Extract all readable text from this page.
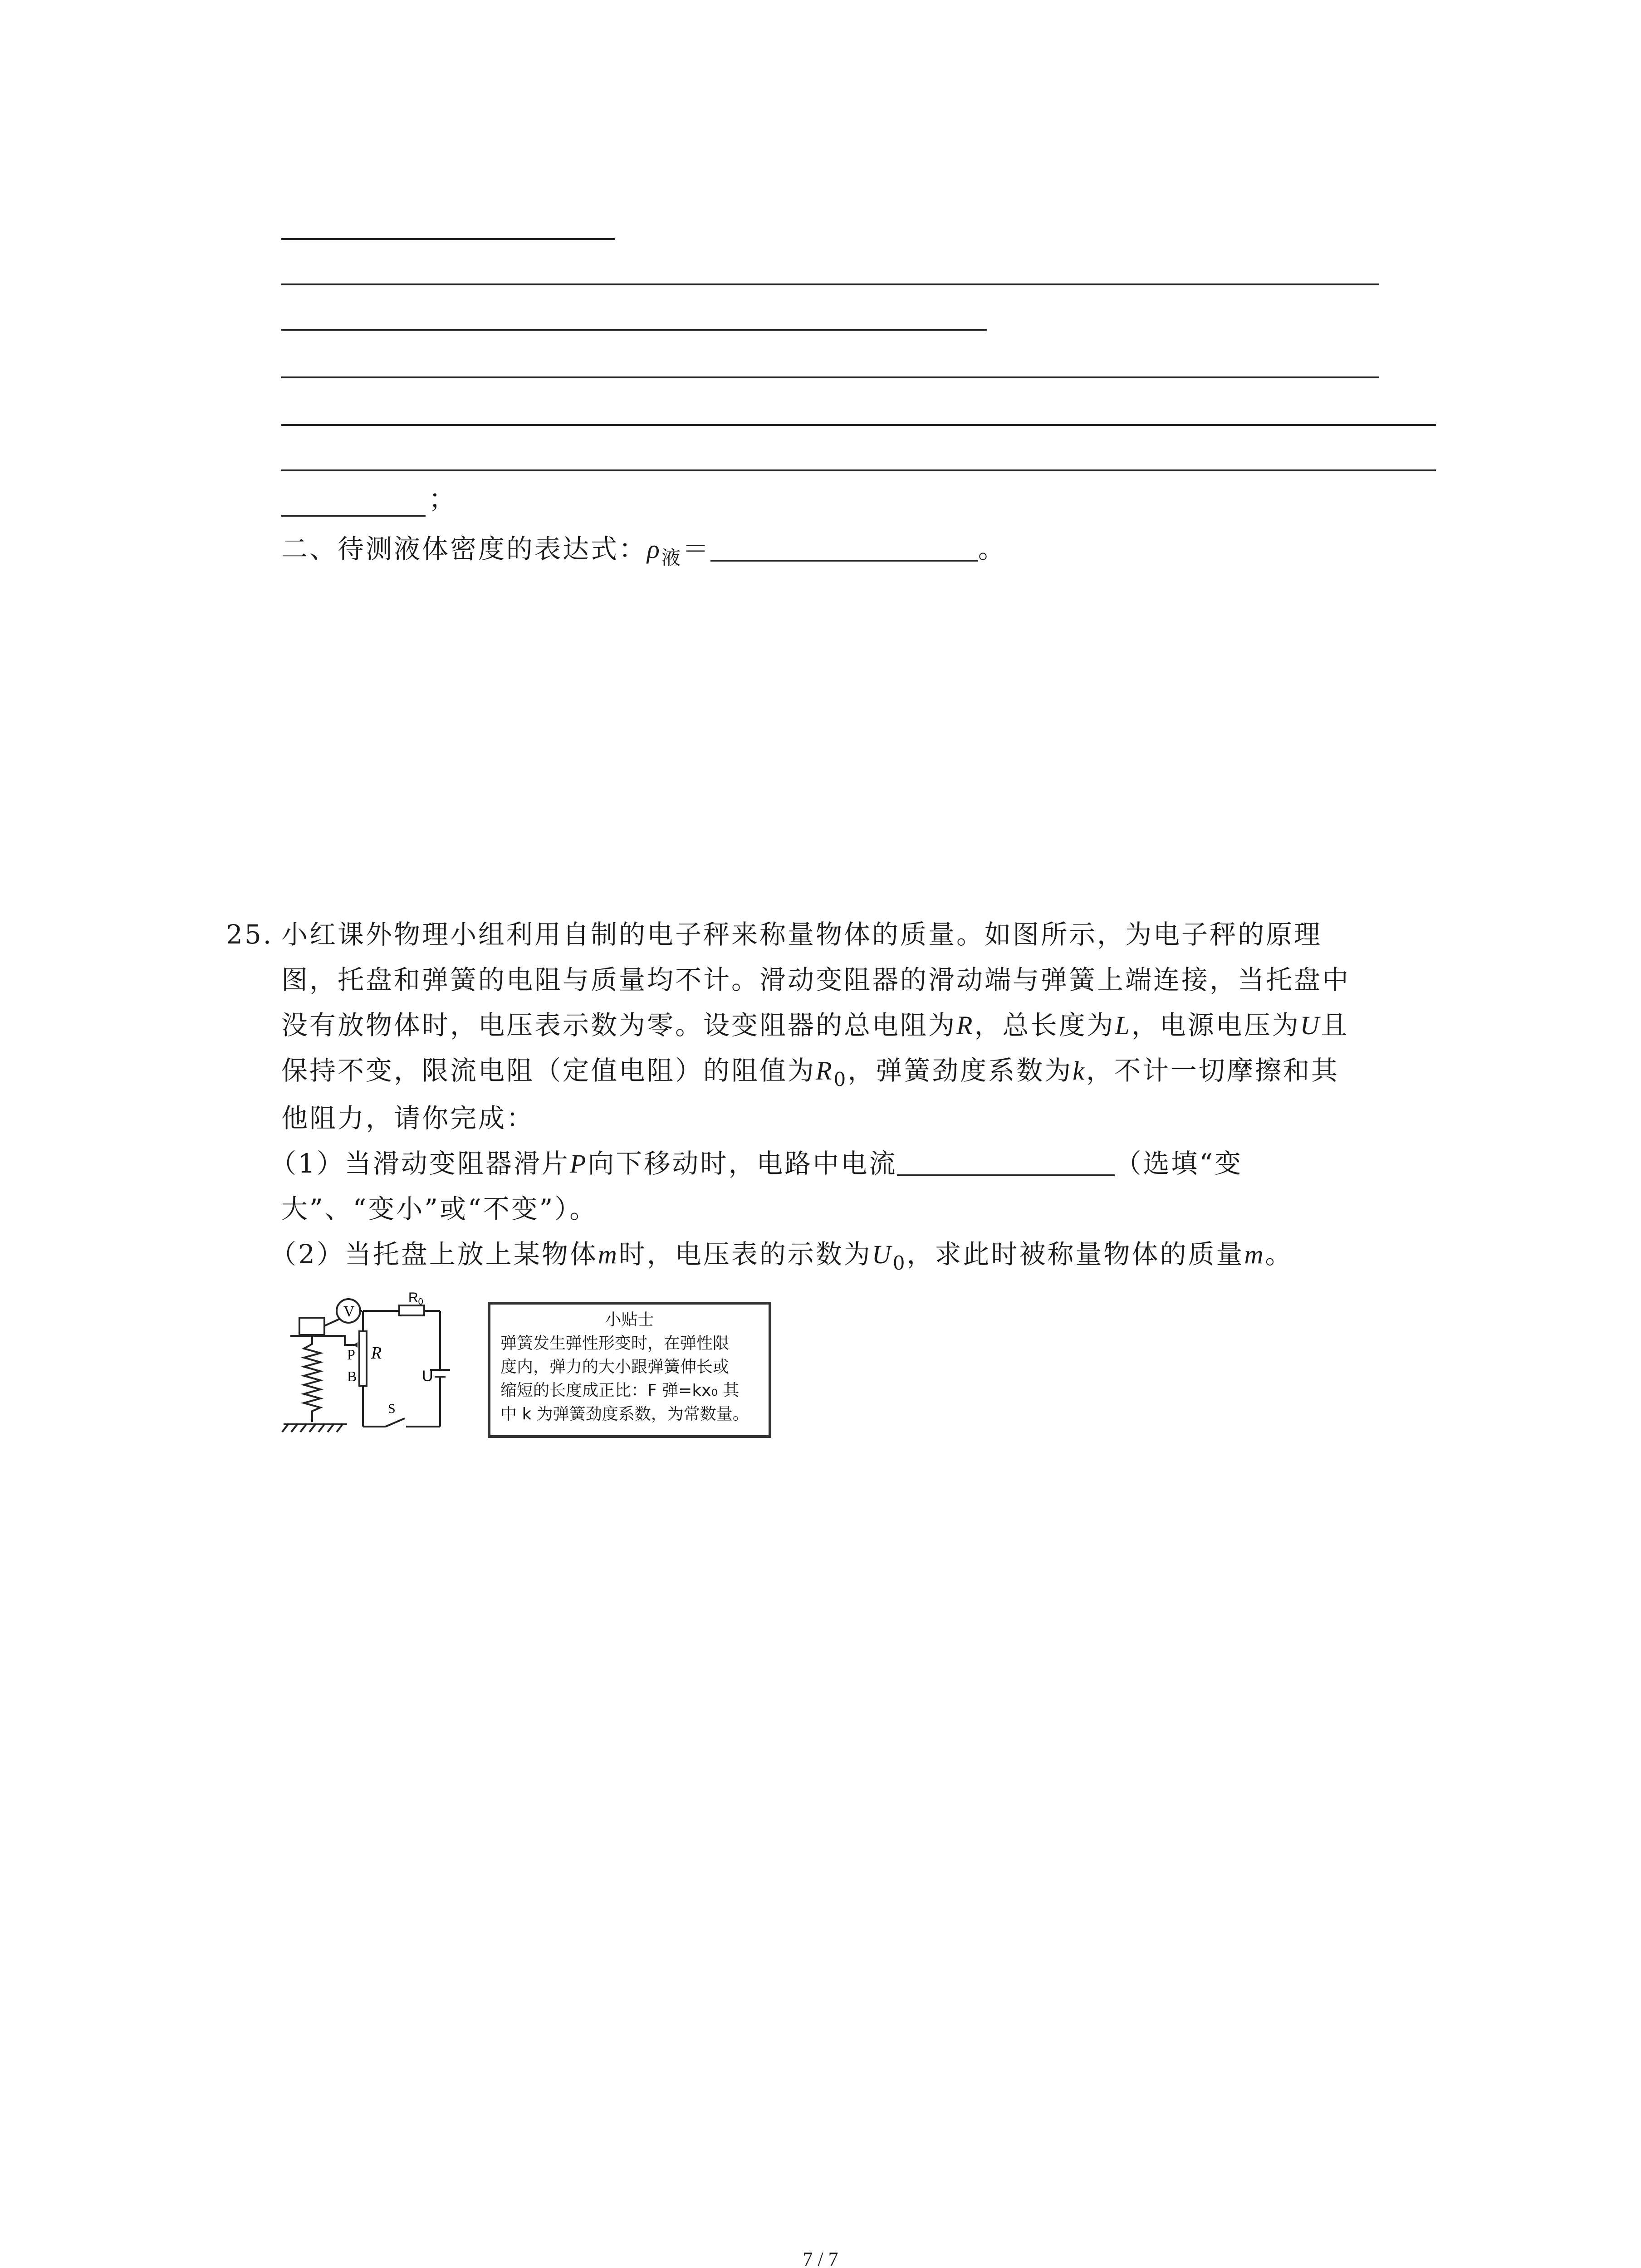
；
二、待测液体密度的表达式：$\rho_液=$	。
25. 小红课外物理小组利用自制的电子秤来称量物体的质量。如图所示，为电子秤的原理
图，托盘和弹簧的电阻与质量均不计。滑动变阻器的滑动端与弹簧上端连接，当托盘中
没有放物体时，电压表示数为零。设变阻器的总电阻为R，总长度为L，电源电压为U且
保持不变，限流电阻（定值电阻）的阻值为$R_0$，弹簧劲度系数为k，不计一切摩擦和其
他阻力，请你完成：
（1）当滑动变阻器滑片P向下移动时，电路中电流	（选填“变
大”、“变小”或“不变”）。
（2）当托盘上放上某物体m时，电压表的示数为$U_0$，求此时被称量物体的质量m。
V
P R
B
$R_0$
U
S
小贴士
弹簧发生弹性形变时，在弹性限
度内，弹力的大小跟弹簧伸长或
缩短的长度成正比：F 弹=kx₀ 其
中 k 为弹簧劲度系数，为常数量。
7 / 7
